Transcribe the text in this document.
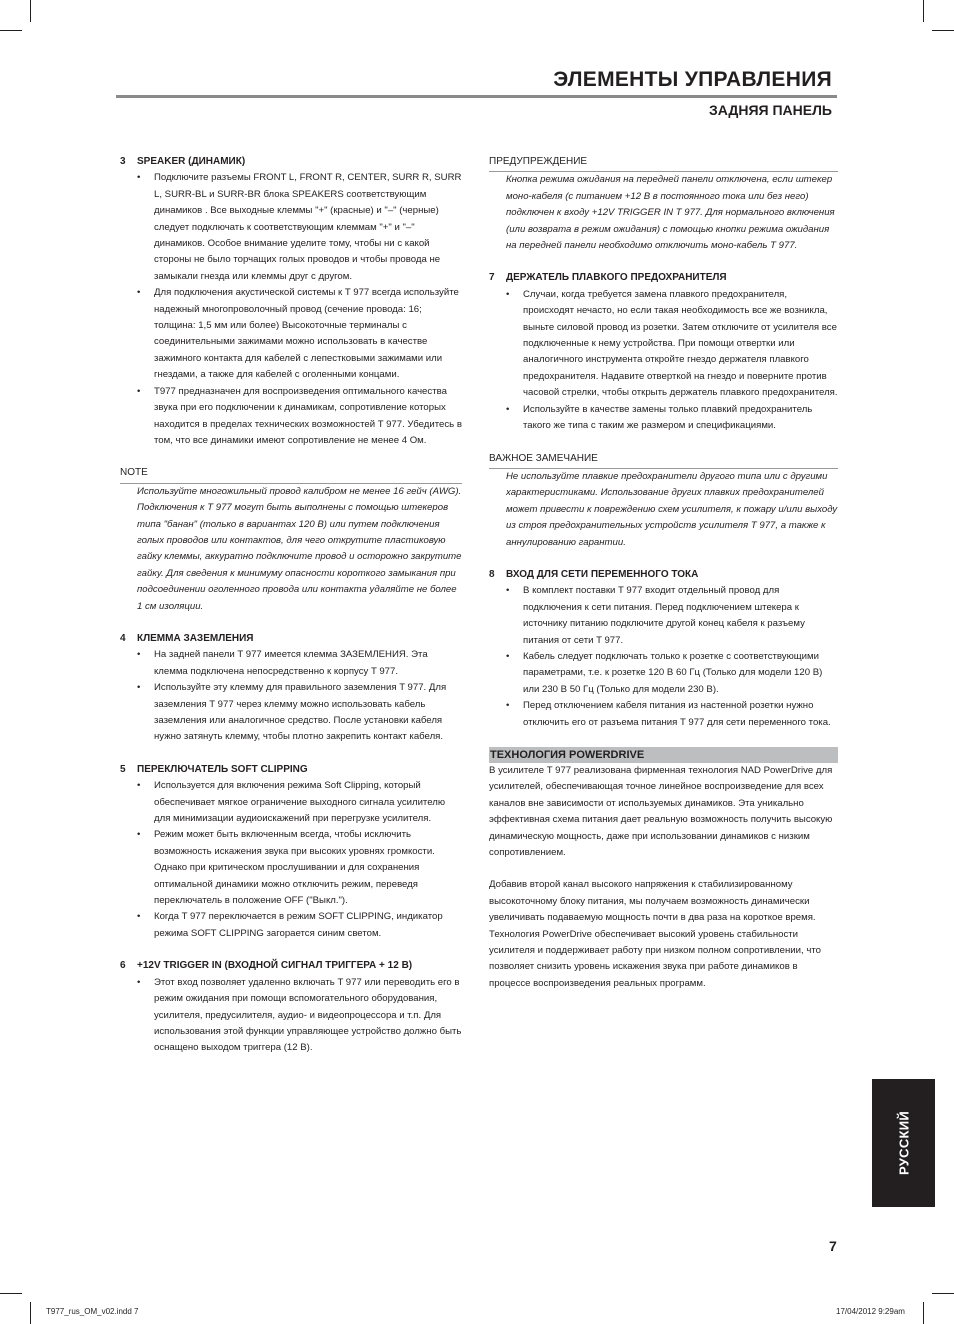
ЭЛЕМЕНТЫ УПРАВЛЕНИЯ
ЗАДНЯЯ ПАНЕЛЬ
3 SPEAKER (ДИНАМИК)
• Подключите разъемы FRONT L, FRONT R, CENTER, SURR R, SURR L, SURR-BL и SURR-BR блока SPEAKERS соответствующим динамиков . Все выходные клеммы "+" (красные) и "–" (черные) следует подключать к соответствующим клеммам "+" и "–" динамиков. Особое внимание уделите тому, чтобы ни с какой стороны не было торчащих голых проводов и чтобы провода не замыкали гнезда или клеммы друг с другом.
• Для подключения акустической системы к T 977 всегда используйте надежный многопроволочный провод (сечение провода: 16; толщина: 1,5 мм или более) Высокоточные терминалы с соединительными зажимами можно использовать в качестве зажимного контакта для кабелей с лепестковыми зажимами или гнездами, а также для кабелей с оголенными концами.
• T977 предназначен для воспроизведения оптимального качества звука при его подключении к динамикам, сопротивление которых находится в пределах технических возможностей T 977. Убедитесь в том, что все динамики имеют сопротивление не менее 4 Ом.
NOTE
Используйте многожильный провод калибром не менее 16 гейч (AWG). Подключения к T 977 могут быть выполнены с помощью штекеров типа "банан" (только в вариантах 120 В) или путем подключения голых проводов или контактов, для чего открутите пластиковую гайку клеммы, аккуратно подключите провод и осторожно закрутите гайку. Для сведения к минимуму опасности короткого замыкания при подсоединении оголенного провода или контакта удаляйте не более 1 см изоляции.
4 КЛЕММА ЗАЗЕМЛЕНИЯ
• На задней панели T 977 имеется клемма ЗАЗЕМЛЕНИЯ. Эта клемма подключена непосредственно к корпусу T 977.
• Используйте эту клемму для правильного заземления T 977. Для заземления T 977 через клемму можно использовать кабель заземления или аналогичное средство. После установки кабеля нужно затянуть клемму, чтобы плотно закрепить контакт кабеля.
5 ПЕРЕКЛЮЧАТЕЛЬ SOFT CLIPPING
• Используется для включения режима Soft Clipping, который обеспечивает мягкое ограничение выходного сигнала усилителю для минимизации аудиоискажений при перегрузке усилителя.
• Режим может быть включенным всегда, чтобы исключить возможность искажения звука при высоких уровнях громкости. Однако при критическом прослушивании и для сохранения оптимальной динамики можно отключить режим, переведя переключатель в положение OFF ("Выкл.").
• Когда T 977 переключается в режим SOFT CLIPPING, индикатор режима SOFT CLIPPING загорается синим светом.
6 +12V TRIGGER IN (ВХОДНОЙ СИГНАЛ ТРИГГЕРА + 12 В)
• Этот вход позволяет удаленно включать T 977 или переводить его в режим ожидания при помощи вспомогательного оборудования, усилителя, предусилителя, аудио- и видеопроцессора и т.п. Для использования этой функции управляющее устройство должно быть оснащено выходом триггера (12 В).
ПРЕДУПРЕЖДЕНИЕ
Кнопка режима ожидания на передней панели отключена, если штекер моно-кабеля (с питанием +12 В в постоянного тока или без него) подключен к входу +12V TRIGGER IN T 977. Для нормального включения (или возврата в режим ожидания) с помощью кнопки режима ожидания на передней панели необходимо отключить моно-кабель T 977.
7 ДЕРЖАТЕЛЬ ПЛАВКОГО ПРЕДОХРАНИТЕЛЯ
• Случаи, когда требуется замена плавкого предохранителя, происходят нечасто, но если такая необходимость все же возникла, выньте силовой провод из розетки. Затем отключите от усилителя все подключенные к нему устройства. При помощи отвертки или аналогичного инструмента откройте гнездо держателя плавкого предохранителя. Надавите отверткой на гнездо и поверните против часовой стрелки, чтобы открыть держатель плавкого предохранителя.
• Используйте в качестве замены только плавкий предохранитель такого же типа с таким же размером и спецификациями.
ВАЖНОЕ ЗАМЕЧАНИЕ
Не используйте плавкие предохранители другого типа или с другими характеристиками. Использование других плавких предохранителей может привести к повреждению схем усилителя, к пожару и/или выходу из строя предохранительных устройств усилителя T 977, а также к аннулированию гарантии.
8 ВХОД ДЛЯ СЕТИ ПЕРЕМЕННОГО ТОКА
• В комплект поставки T 977 входит отдельный провод для подключения к сети питания. Перед подключением штекера к источнику питанию подключите другой конец кабеля к разъему питания от сети T 977.
• Кабель следует подключать только к розетке с соответствующими параметрами, т.е. к розетке 120 В 60 Гц (Только для модели 120 В) или 230 В 50 Гц (Только для модели 230 В).
• Перед отключением кабеля питания из настенной розетки нужно отключить его от разъема питания T 977 для сети переменного тока.
ТЕХНОЛОГИЯ POWERDRIVE

В усилителе T 977 реализована фирменная технология NAD PowerDrive для усилителей, обеспечивающая точное линейное воспроизведение для всех каналов вне зависимости от используемых динамиков. Эта уникально эффективная схема питания дает реальную возможность получить высокую динамическую мощность, даже при использовании динамиков с низким сопротивлением.

Добавив второй канал высокого напряжения к стабилизированному высокоточному блоку питания, мы получаем возможность динамически увеличивать подаваемую мощность почти в два раза на короткое время. Технология PowerDrive обеспечивает высокий уровень стабильности усилителя и поддерживает работу при низком полном сопротивлении, что позволяет снизить уровень искажения звука при работе динамиков в процессе воспроизведения реальных программ.

РУССКИЙ
7
T977_rus_OM_v02.indd 7	17/04/2012 9:29am
